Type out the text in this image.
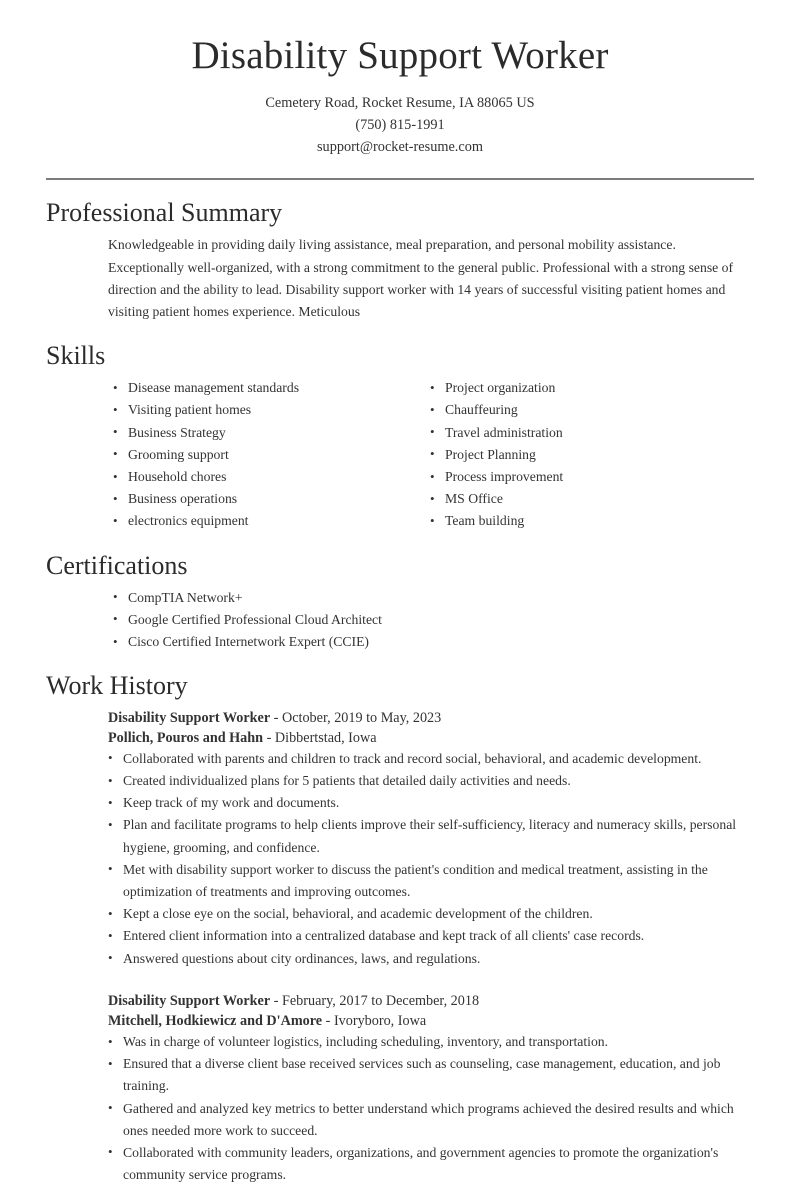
Disability Support Worker

Cemetery Road, Rocket Resume, IA 88065 US

(750) 815-1991

support@rocket-resume.com

Professional Summary

Knowledgeable in providing daily living assistance, meal preparation, and personal mobility assistance. Exceptionally well-organized, with a strong commitment to the general public. Professional with a strong sense of direction and the ability to lead. Disability support worker with 14 years of successful visiting patient homes and visiting patient homes experience. Meticulous

Skills
• Disease management standards
• Visiting patient homes
• Business Strategy
• Grooming support
• Household chores
• Business operations
• electronics equipment
• Project organization
• Chauffeuring
• Travel administration
• Project Planning
• Process improvement
• MS Office
• Team building
Certifications
• CompTIA Network+
• Google Certified Professional Cloud Architect
• Cisco Certified Internetwork Expert (CCIE)
Work History
Disability Support Worker - October, 2019 to May, 2023
Pollich, Pouros and Hahn - Dibbertstad, Iowa
• Collaborated with parents and children to track and record social, behavioral, and academic development.
• Created individualized plans for 5 patients that detailed daily activities and needs.
• Keep track of my work and documents.
• Plan and facilitate programs to help clients improve their self-sufficiency, literacy and numeracy skills, personal hygiene, grooming, and confidence.
• Met with disability support worker to discuss the patient's condition and medical treatment, assisting in the optimization of treatments and improving outcomes.
• Kept a close eye on the social, behavioral, and academic development of the children.
• Entered client information into a centralized database and kept track of all clients' case records.
• Answered questions about city ordinances, laws, and regulations.
Disability Support Worker - February, 2017 to December, 2018
Mitchell, Hodkiewicz and D'Amore - Ivoryboro, Iowa
• Was in charge of volunteer logistics, including scheduling, inventory, and transportation.
• Ensured that a diverse client base received services such as counseling, case management, education, and job training.
• Gathered and analyzed key metrics to better understand which programs achieved the desired results and which ones needed more work to succeed.
• Collaborated with community leaders, organizations, and government agencies to promote the organization's community service programs.
